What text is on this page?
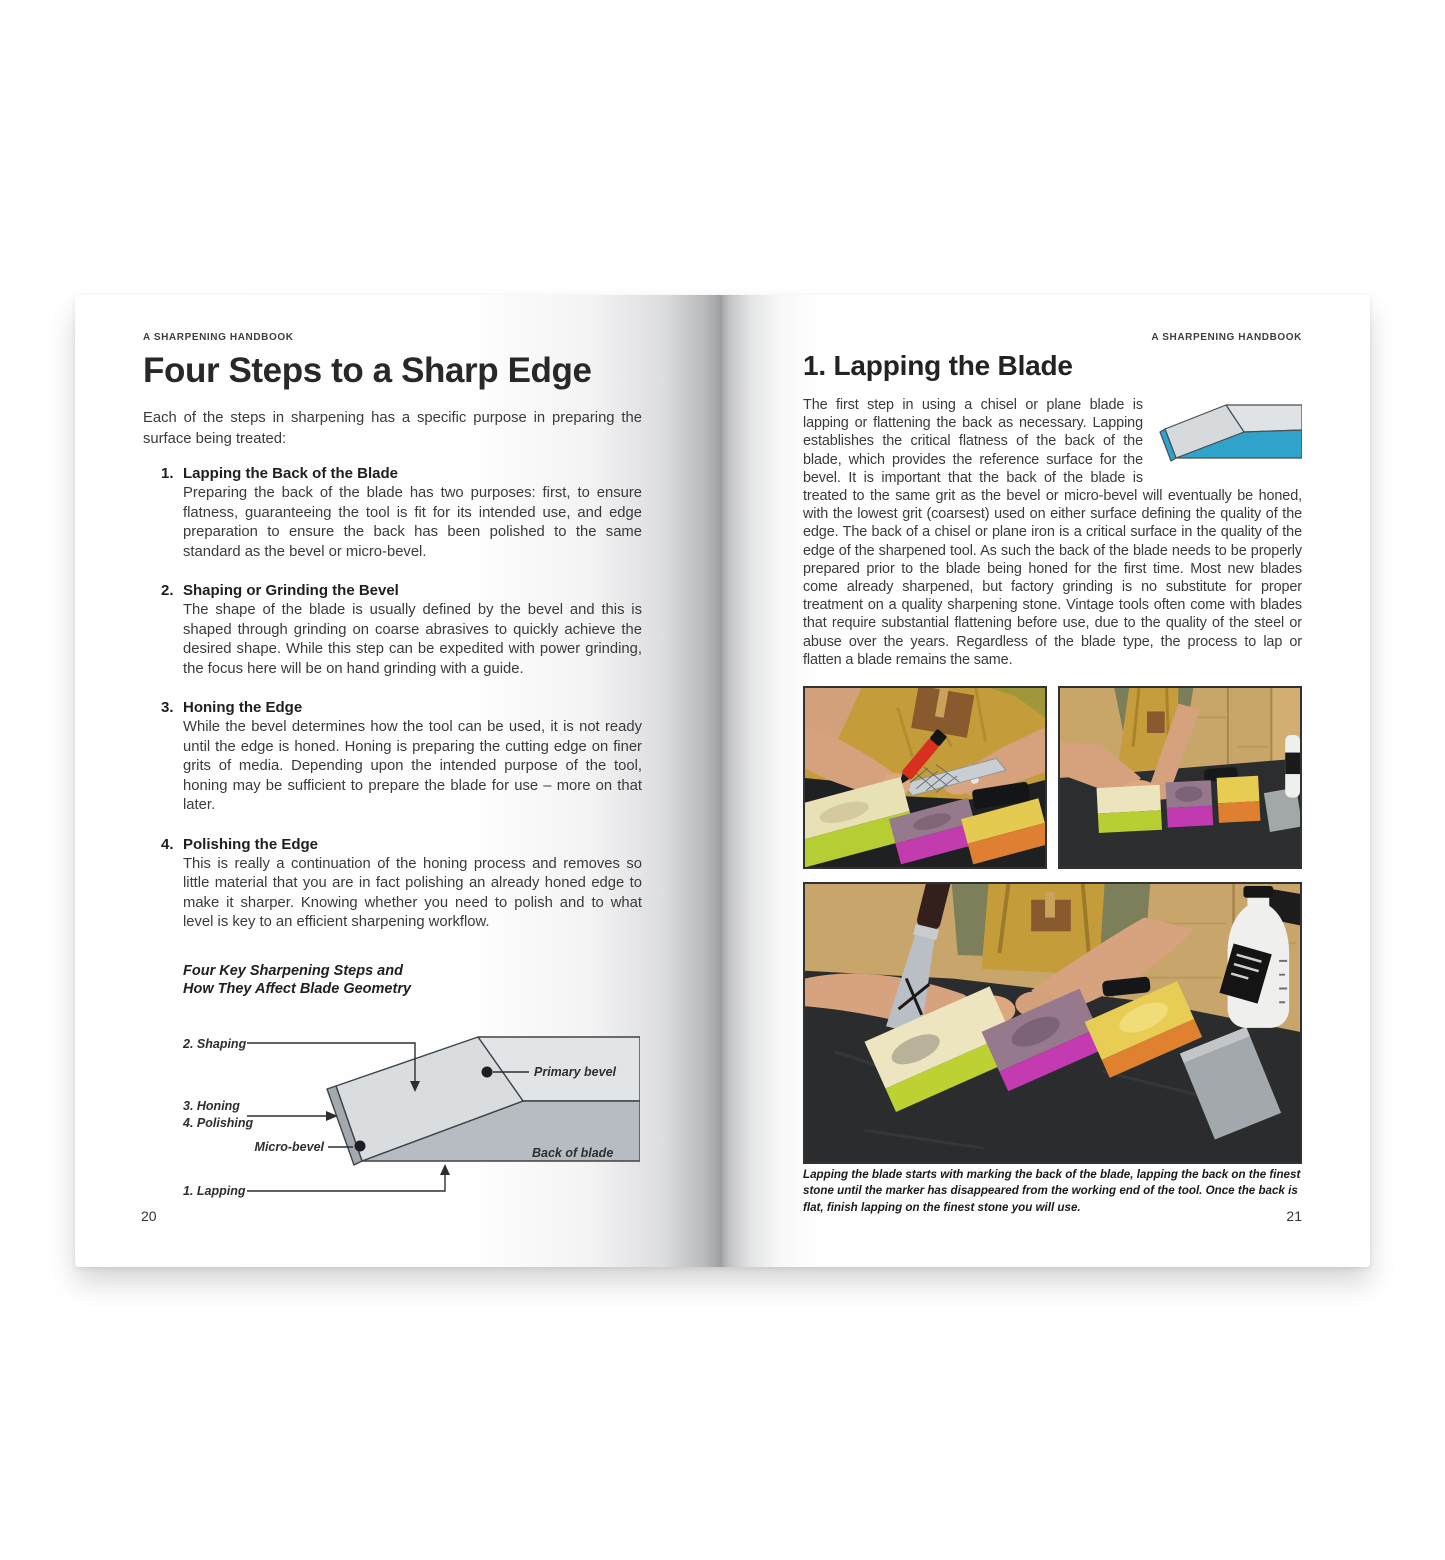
A SHARPENING HANDBOOK
Four Steps to a Sharp Edge

Each of the steps in sharpening has a specific purpose in preparing the surface being treated:

1. Lapping the Back of the Blade
Preparing the back of the blade has two purposes: first, to ensure flatness, guaranteeing the tool is fit for its intended use, and edge preparation to ensure the back has been polished to the same standard as the bevel or micro-bevel.
2. Shaping or Grinding the Bevel
The shape of the blade is usually defined by the bevel and this is shaped through grinding on coarse abrasives to quickly achieve the desired shape. While this step can be expedited with power grinding, the focus here will be on hand grinding with a guide.
3. Honing the Edge
While the bevel determines how the tool can be used, it is not ready until the edge is honed. Honing is preparing the cutting edge on finer grits of media. Depending upon the intended purpose of the tool, honing may be sufficient to prepare the blade for use – more on that later.
4. Polishing the Edge
This is really a continuation of the honing process and removes so little material that you are in fact polishing an already honed edge to make it sharper. Knowing whether you need to polish and to what level is key to an efficient sharpening workflow.
Four Key Sharpening Steps and
How They Affect Blade Geometry
2. Shaping
3. Honing
4. Polishing
Micro-bevel
1. Lapping
Primary bevel
Back of blade
20
A SHARPENING HANDBOOK
1. Lapping the Blade

The first step in using a chisel or plane blade is lapping or flattening the back as necessary. Lapping establishes the critical flatness of the back of the blade, which provides the reference surface for the bevel. It is important that the back of the blade is treated to the same grit as the bevel or micro-bevel will eventually be honed, with the lowest grit (coarsest) used on either surface defining the quality of the edge. The back of a chisel or plane iron is a critical surface in the quality of the edge of the sharpened tool. As such the back of the blade needs to be properly prepared prior to the blade being honed for the first time. Most new blades come already sharpened, but factory grinding is no substitute for proper treatment on a quality sharpening stone. Vintage tools often come with blades that require substantial flattening before use, due to the quality of the steel or abuse over the years. Regardless of the blade type, the process to lap or flatten a blade remains the same.

Lapping the blade starts with marking the back of the blade, lapping the back on the finest stone until the marker has disappeared from the working end of the tool. Once the back is flat, finish lapping on the finest stone you will use.

21
